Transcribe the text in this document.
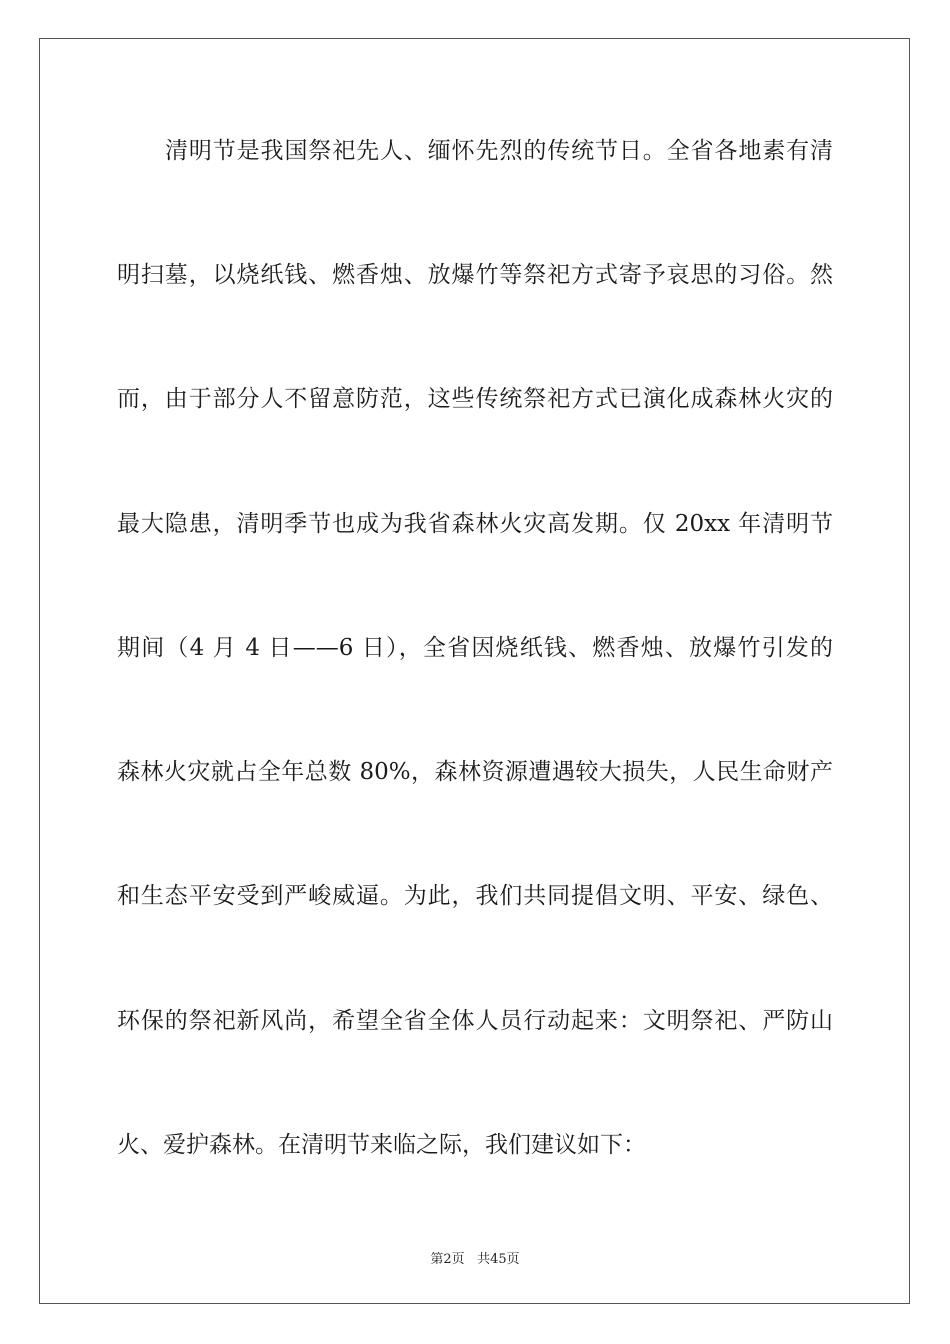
清明节是我国祭祀先人、缅怀先烈的传统节日。全省各地素有清

明扫墓，以烧纸钱、燃香烛、放爆竹等祭祀方式寄予哀思的习俗。然

而，由于部分人不留意防范，这些传统祭祀方式已演化成森林火灾的

最大隐患，清明季节也成为我省森林火灾高发期。仅 20xx 年清明节

期间（4 月 4 日——6 日），全省因烧纸钱、燃香烛、放爆竹引发的

森林火灾就占全年总数 80%，森林资源遭遇较大损失，人民生命财产

和生态平安受到严峻威逼。为此，我们共同提倡文明、平安、绿色、

环保的祭祀新风尚，希望全省全体人员行动起来：文明祭祀、严防山

火、爱护森林。在清明节来临之际，我们建议如下：

第2页 共45页
